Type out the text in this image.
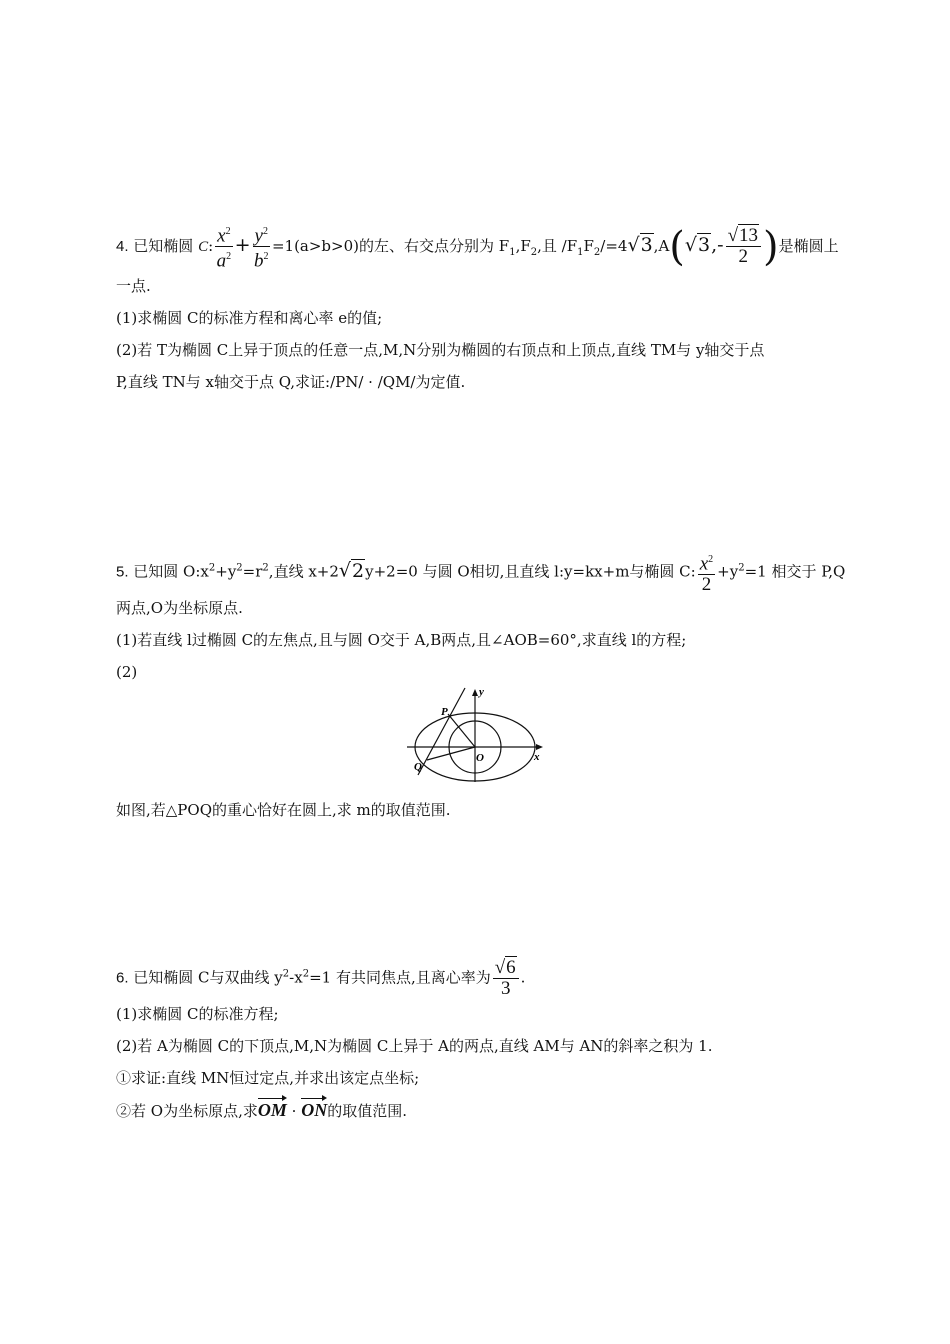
4. 已知椭圆 C: $\frac{x^2}{a^2} + \frac{y^2}{b^2} =1(a>b>0)$的左、右交点分别为 $F_1,F_2$,且 $/F_1F_2/=4√3,A(√3,- \frac{√13}{2}$ )是椭圆上
一点.
(1)求椭圆 C的标准方程和离心率 e的值;
(2)若 T为椭圆 C上异于顶点的任意一点,M,N分别为椭圆的右顶点和上顶点,直线 TM与 y轴交于点
P,直线 TN与 x轴交于点 Q,求证:/PN/ · /QM/为定值.
5. 已知圆 $O:x^2+y^2=r^2$,直线 x+2√2y+2=0 与圆 O相切,且直线 l:y=kx+m与椭圆 C: $\frac{x^2}{2} +y^2=1$ 相交于 P,Q
两点,O为坐标原点.
(1)若直线 l过椭圆 C的左焦点,且与圆 O交于 A,B两点,且∠AOB=60°,求直线 l的方程;
(2)
P
Q
O	x
y
如图,若△POQ的重心恰好在圆上,求 m的取值范围.
6. 已知椭圆 C与双曲线 $y^2-x^2=1$ 有共同焦点,且离心率为 $\frac{√6}{3}$ .
(1)求椭圆 C的标准方程;
(2)若 A为椭圆 C的下顶点,M,N为椭圆 C上异于 A的两点,直线 AM与 AN的斜率之积为 1.
①求证:直线 MN恒过定点,并求出该定点坐标;
②若 O为坐标原点,求OM · ON的取值范围.
